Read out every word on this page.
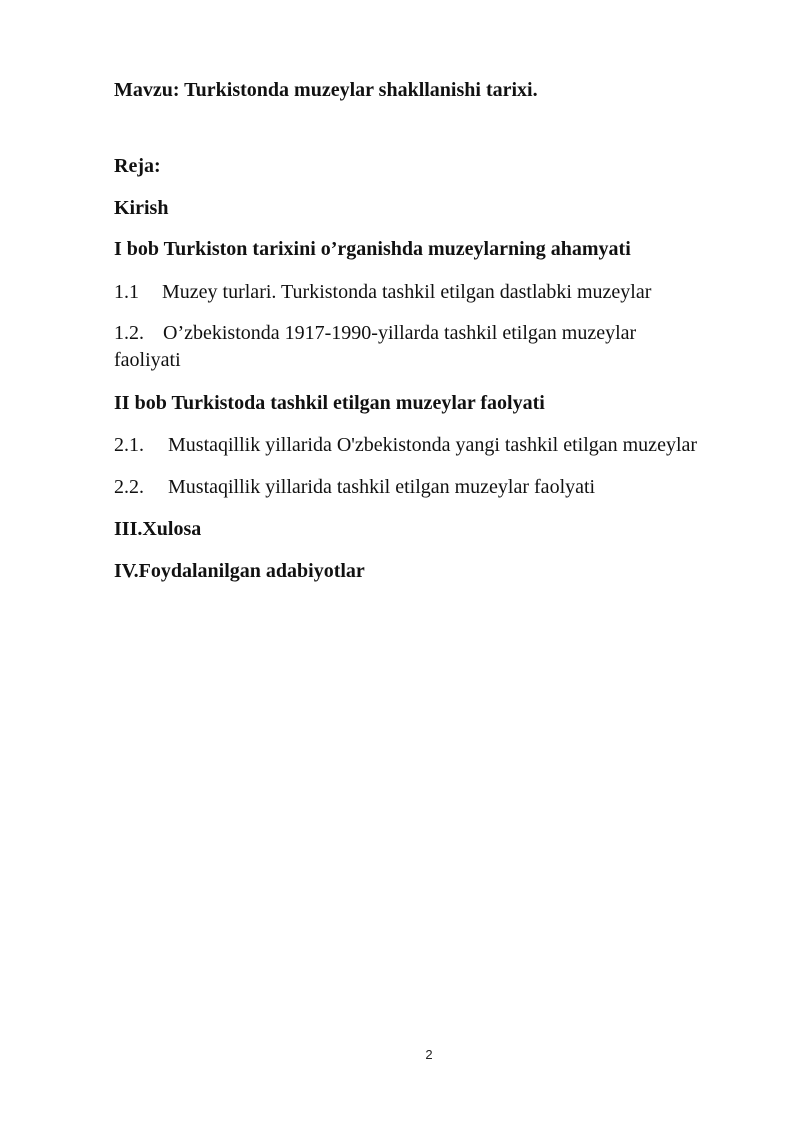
Mavzu: Turkistonda muzeylar shakllanishi tarixi.
Reja:
Kirish
I bob Turkiston tarixini o’rganishda muzeylarning ahamyati
1.1 Muzey turlari. Turkistonda tashkil etilgan dastlabki muzeylar
1.2. O’zbekistonda 1917-1990-yillarda tashkil etilgan muzeylar
faoliyati
II bob Turkistoda tashkil etilgan muzeylar faolyati
2.1. Mustaqillik yillarida O'zbekistonda yangi tashkil etilgan muzeylar
2.2. Mustaqillik yillarida tashkil etilgan muzeylar faolyati
III.Xulosa
IV.Foydalanilgan adabiyotlar
2
